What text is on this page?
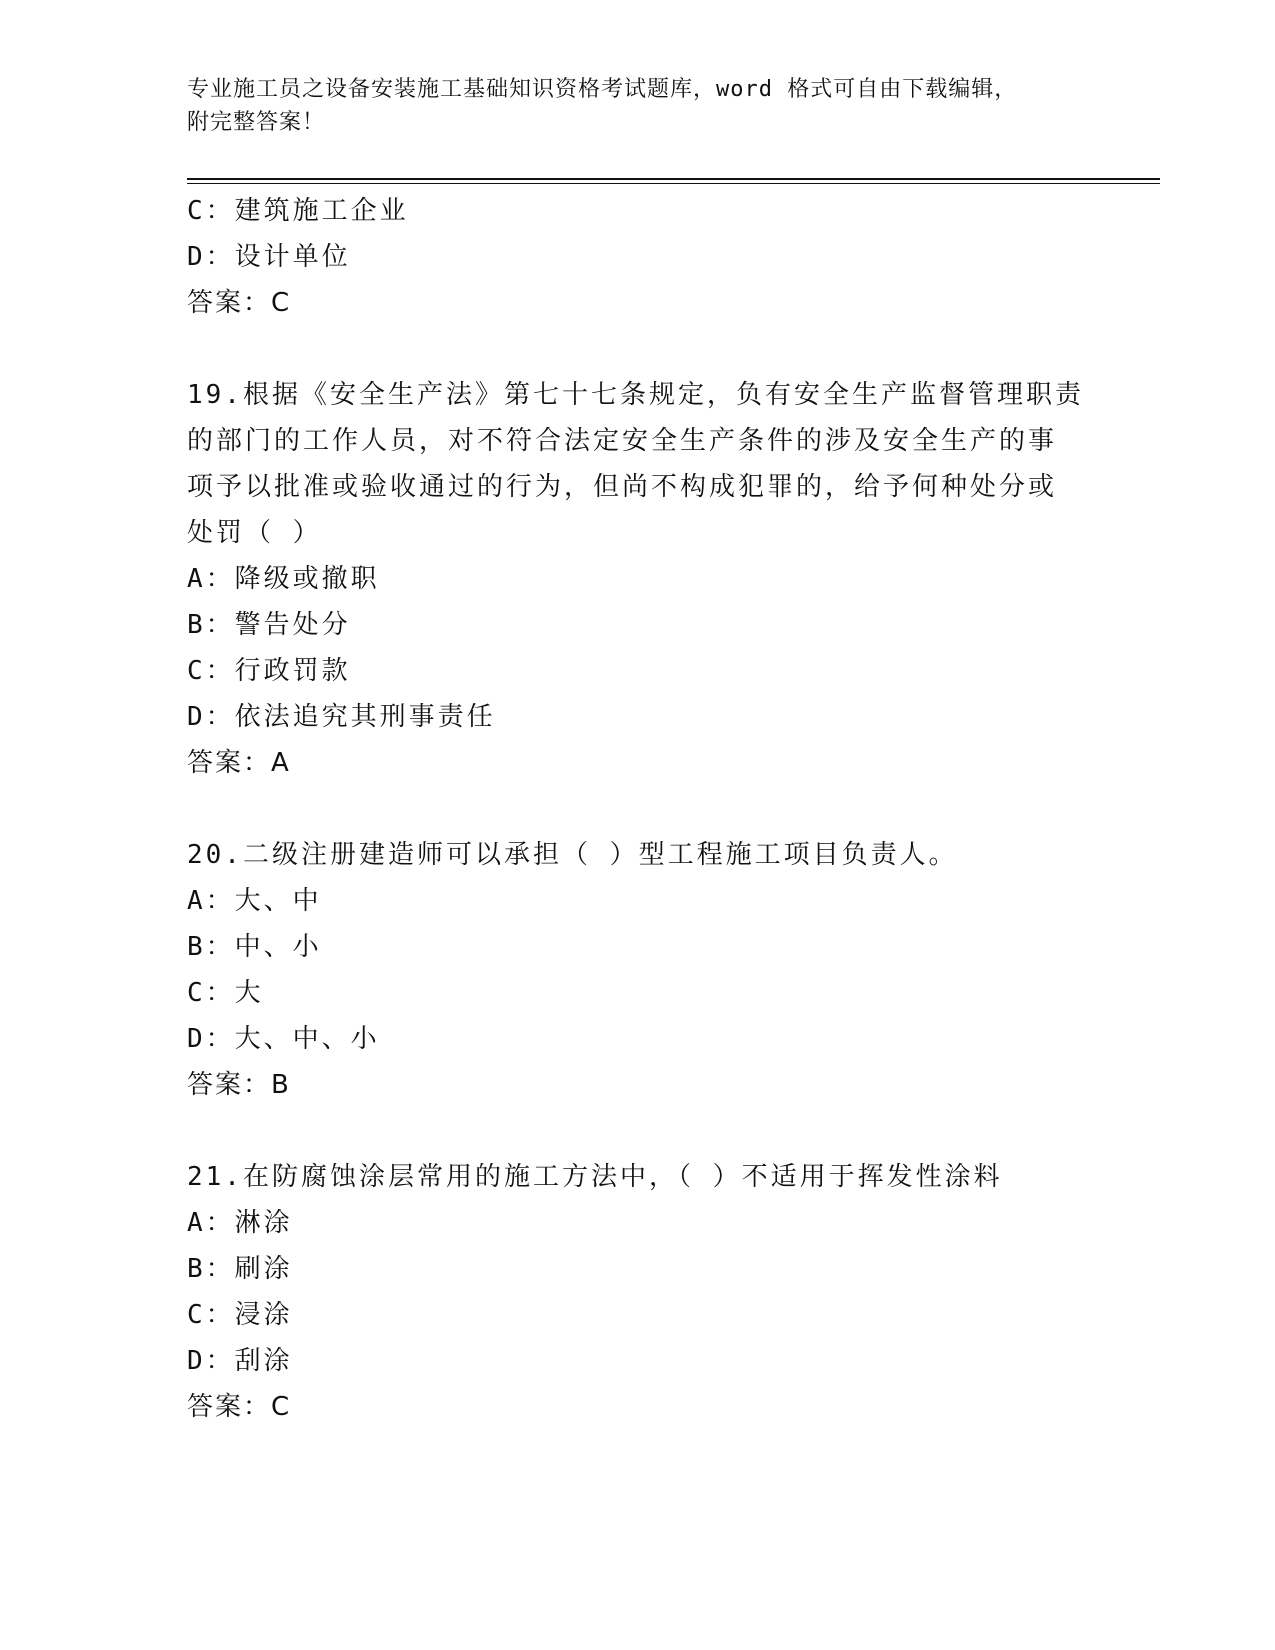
专业施工员之设备安装施工基础知识资格考试题库，word 格式可自由下载编辑，
附完整答案！
C：建筑施工企业
D：设计单位
答案：C
19.根据《安全生产法》第七十七条规定，负有安全生产监督管理职责
的部门的工作人员，对不符合法定安全生产条件的涉及安全生产的事
项予以批准或验收通过的行为，但尚不构成犯罪的，给予何种处分或
处罚（ ）
A：降级或撤职
B：警告处分
C：行政罚款
D：依法追究其刑事责任
答案：A
20.二级注册建造师可以承担（ ）型工程施工项目负责人。
A：大、中
B：中、小
C：大
D：大、中、小
答案：B
21.在防腐蚀涂层常用的施工方法中，（ ）不适用于挥发性涂料
A：淋涂
B：刷涂
C：浸涂
D：刮涂
答案：C
